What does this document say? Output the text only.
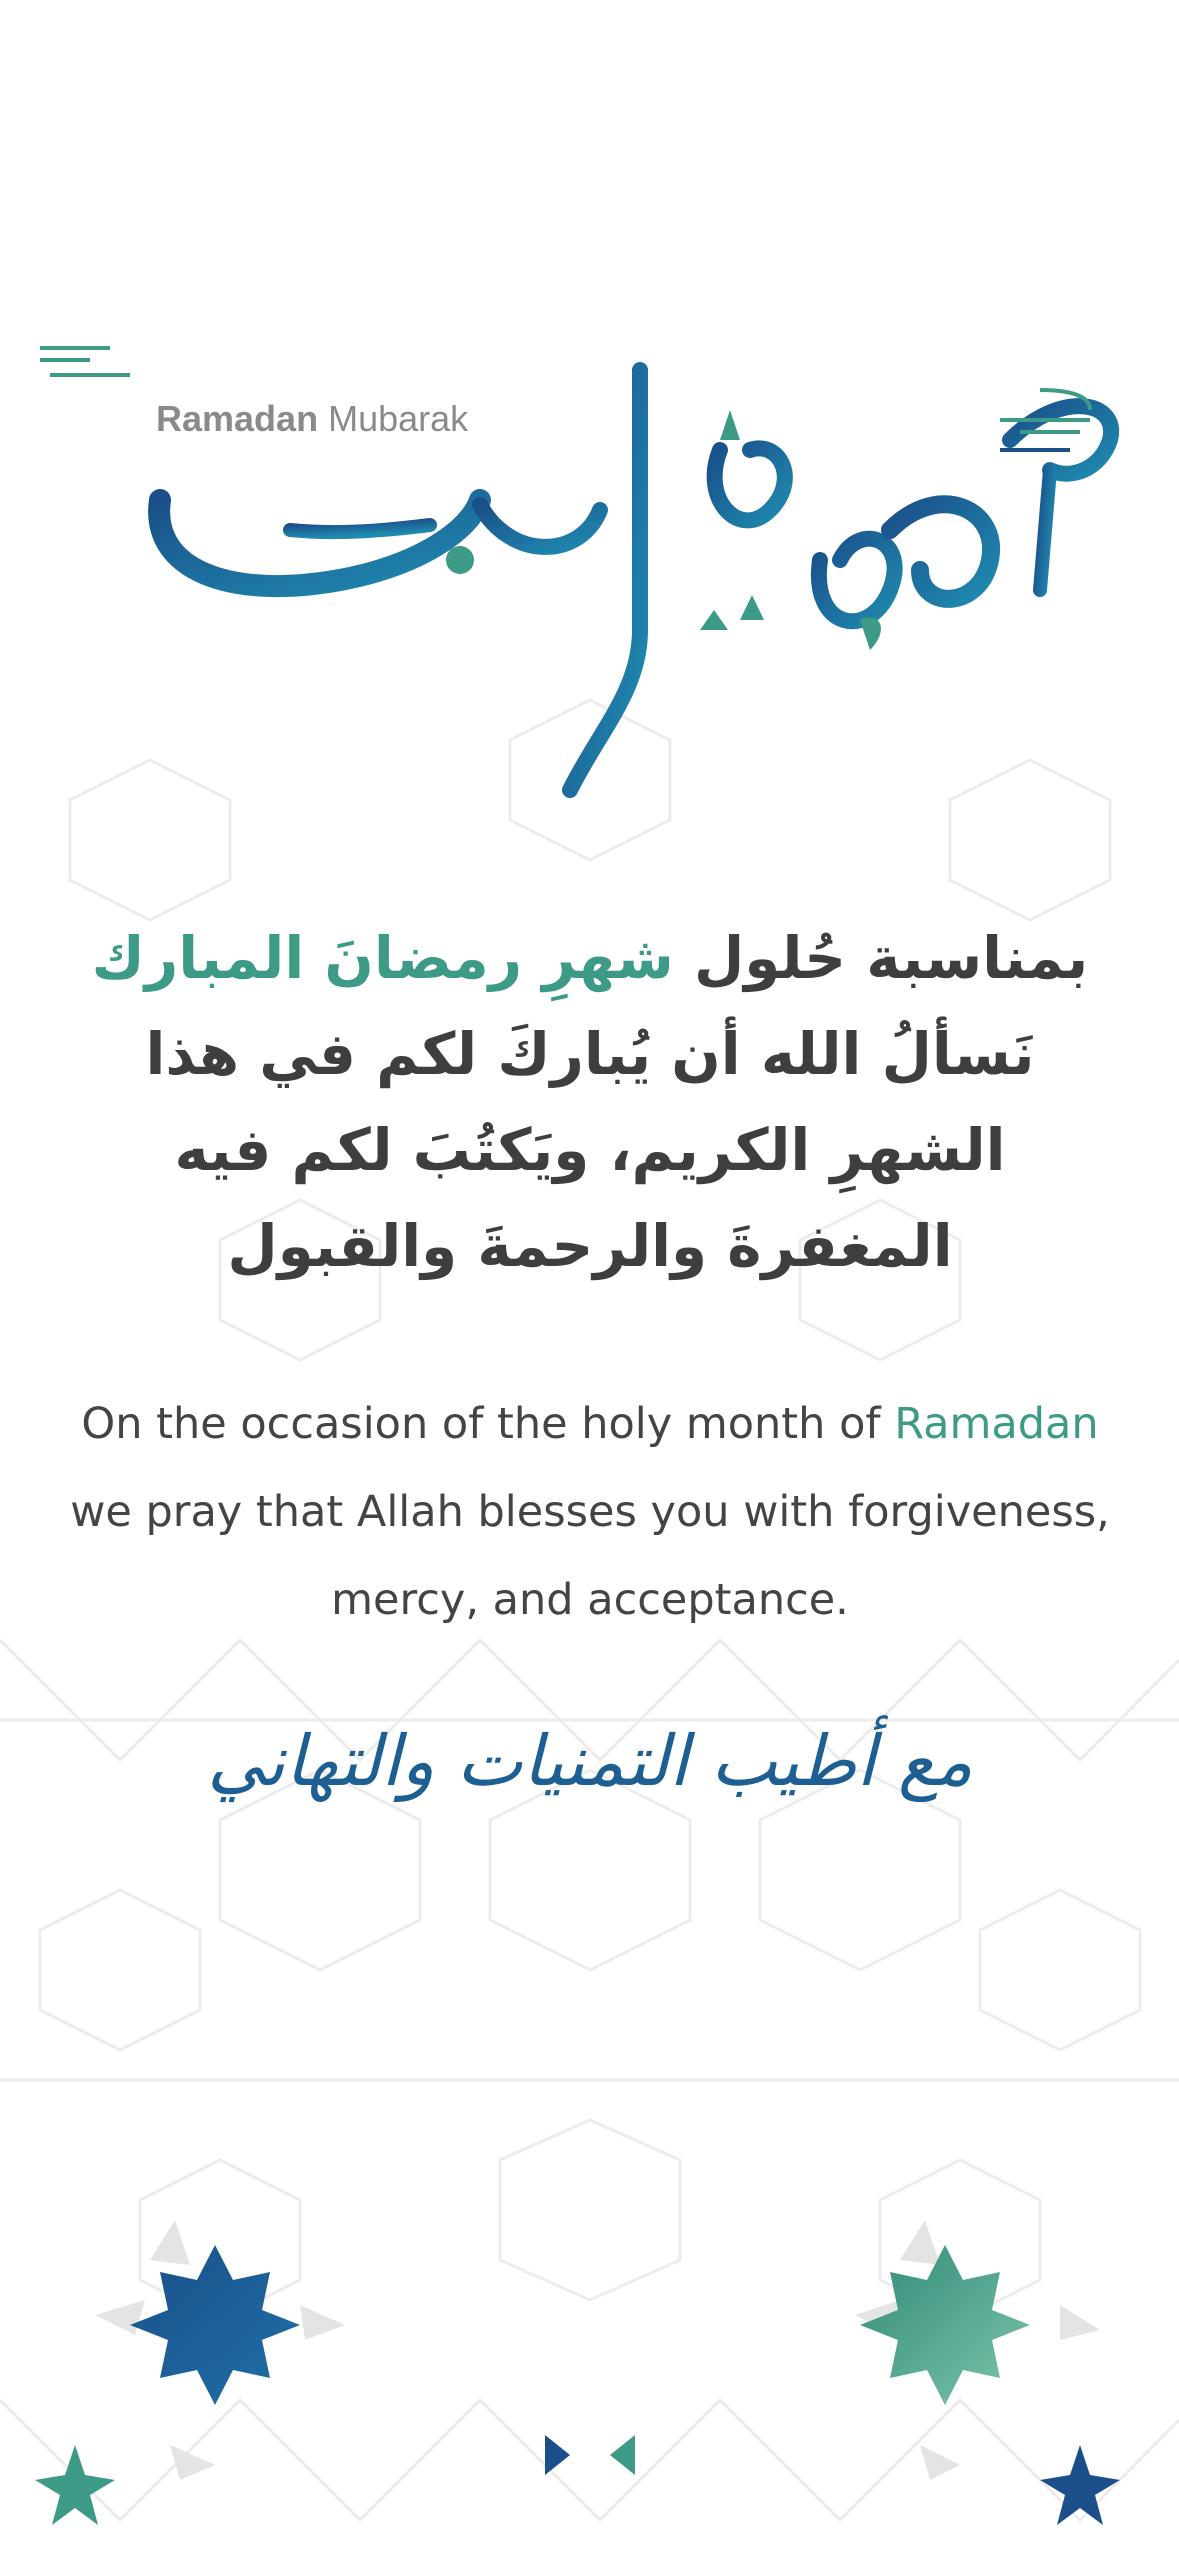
Ramadan Mubarak
بمناسبة حُلول شهرِ رمضانَ المبارك
نَسألُ الله أن يُباركَ لكم في هذا
الشهرِ الكريم، ويَكتُبَ لكم فيه
المغفرةَ والرحمةَ والقبول
On the occasion of the holy month of Ramadan
we pray that Allah blesses you with forgiveness,
mercy, and acceptance.
مع أطيب التمنيات والتهاني
